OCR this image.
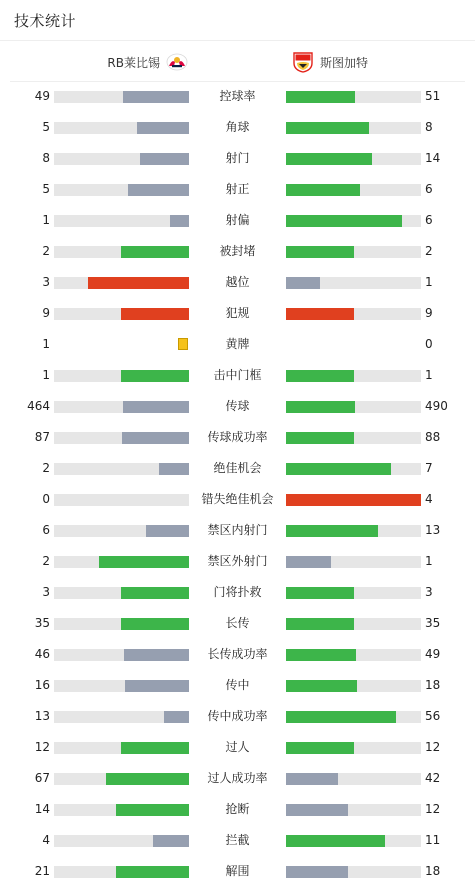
技术统计
RB莱比锡	斯图加特
49	控球率	51
5	角球	8
8	射门	14
5	射正	6
1	射偏	6
2	被封堵	2
3	越位	1
9	犯规	9
1	黄牌	0
1	击中门框	1
464	传球	490
87	传球成功率	88
2	绝佳机会	7
0	错失绝佳机会	4
6	禁区内射门	13
2	禁区外射门	1
3	门将扑救	3
35	长传	35
46	长传成功率	49
16	传中	18
13	传中成功率	56
12	过人	12
67	过人成功率	42
14	抢断	12
4	拦截	11
21	解围	18
